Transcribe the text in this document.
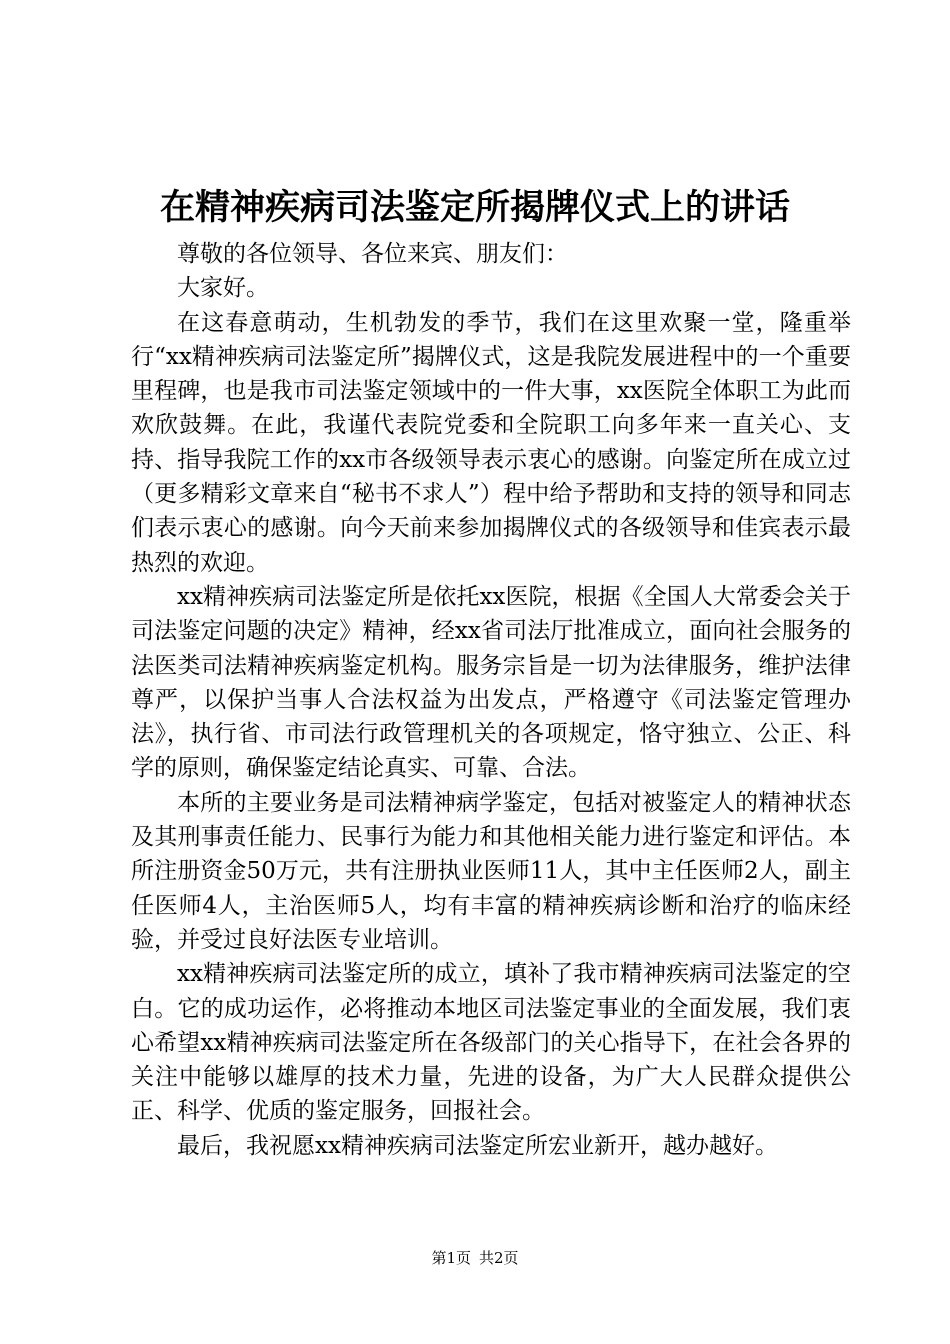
在精神疾病司法鉴定所揭牌仪式上的讲话

尊敬的各位领导、各位来宾、朋友们：

大家好。

在这春意萌动，生机勃发的季节，我们在这里欢聚一堂，隆重举行“xx精神疾病司法鉴定所”揭牌仪式，这是我院发展进程中的一个重要里程碑，也是我市司法鉴定领域中的一件大事，xx医院全体职工为此而欢欣鼓舞。在此，我谨代表院党委和全院职工向多年来一直关心、支持、指导我院工作的xx市各级领导表示衷心的感谢。向鉴定所在成立过（更多精彩文章来自“秘书不求人”）程中给予帮助和支持的领导和同志们表示衷心的感谢。向今天前来参加揭牌仪式的各级领导和佳宾表示最热烈的欢迎。

xx精神疾病司法鉴定所是依托xx医院，根据《全国人大常委会关于司法鉴定问题的决定》精神，经xx省司法厅批准成立，面向社会服务的法医类司法精神疾病鉴定机构。服务宗旨是一切为法律服务，维护法律尊严，以保护当事人合法权益为出发点，严格遵守《司法鉴定管理办法》，执行省、市司法行政管理机关的各项规定，恪守独立、公正、科学的原则，确保鉴定结论真实、可靠、合法。

本所的主要业务是司法精神病学鉴定，包括对被鉴定人的精神状态及其刑事责任能力、民事行为能力和其他相关能力进行鉴定和评估。本所注册资金50万元，共有注册执业医师11人，其中主任医师2人，副主任医师4人，主治医师5人，均有丰富的精神疾病诊断和治疗的临床经验，并受过良好法医专业培训。

xx精神疾病司法鉴定所的成立，填补了我市精神疾病司法鉴定的空白。它的成功运作，必将推动本地区司法鉴定事业的全面发展，我们衷心希望xx精神疾病司法鉴定所在各级部门的关心指导下，在社会各界的关注中能够以雄厚的技术力量，先进的设备，为广大人民群众提供公正、科学、优质的鉴定服务，回报社会。

最后，我祝愿xx精神疾病司法鉴定所宏业新开，越办越好。

第1页 共2页
